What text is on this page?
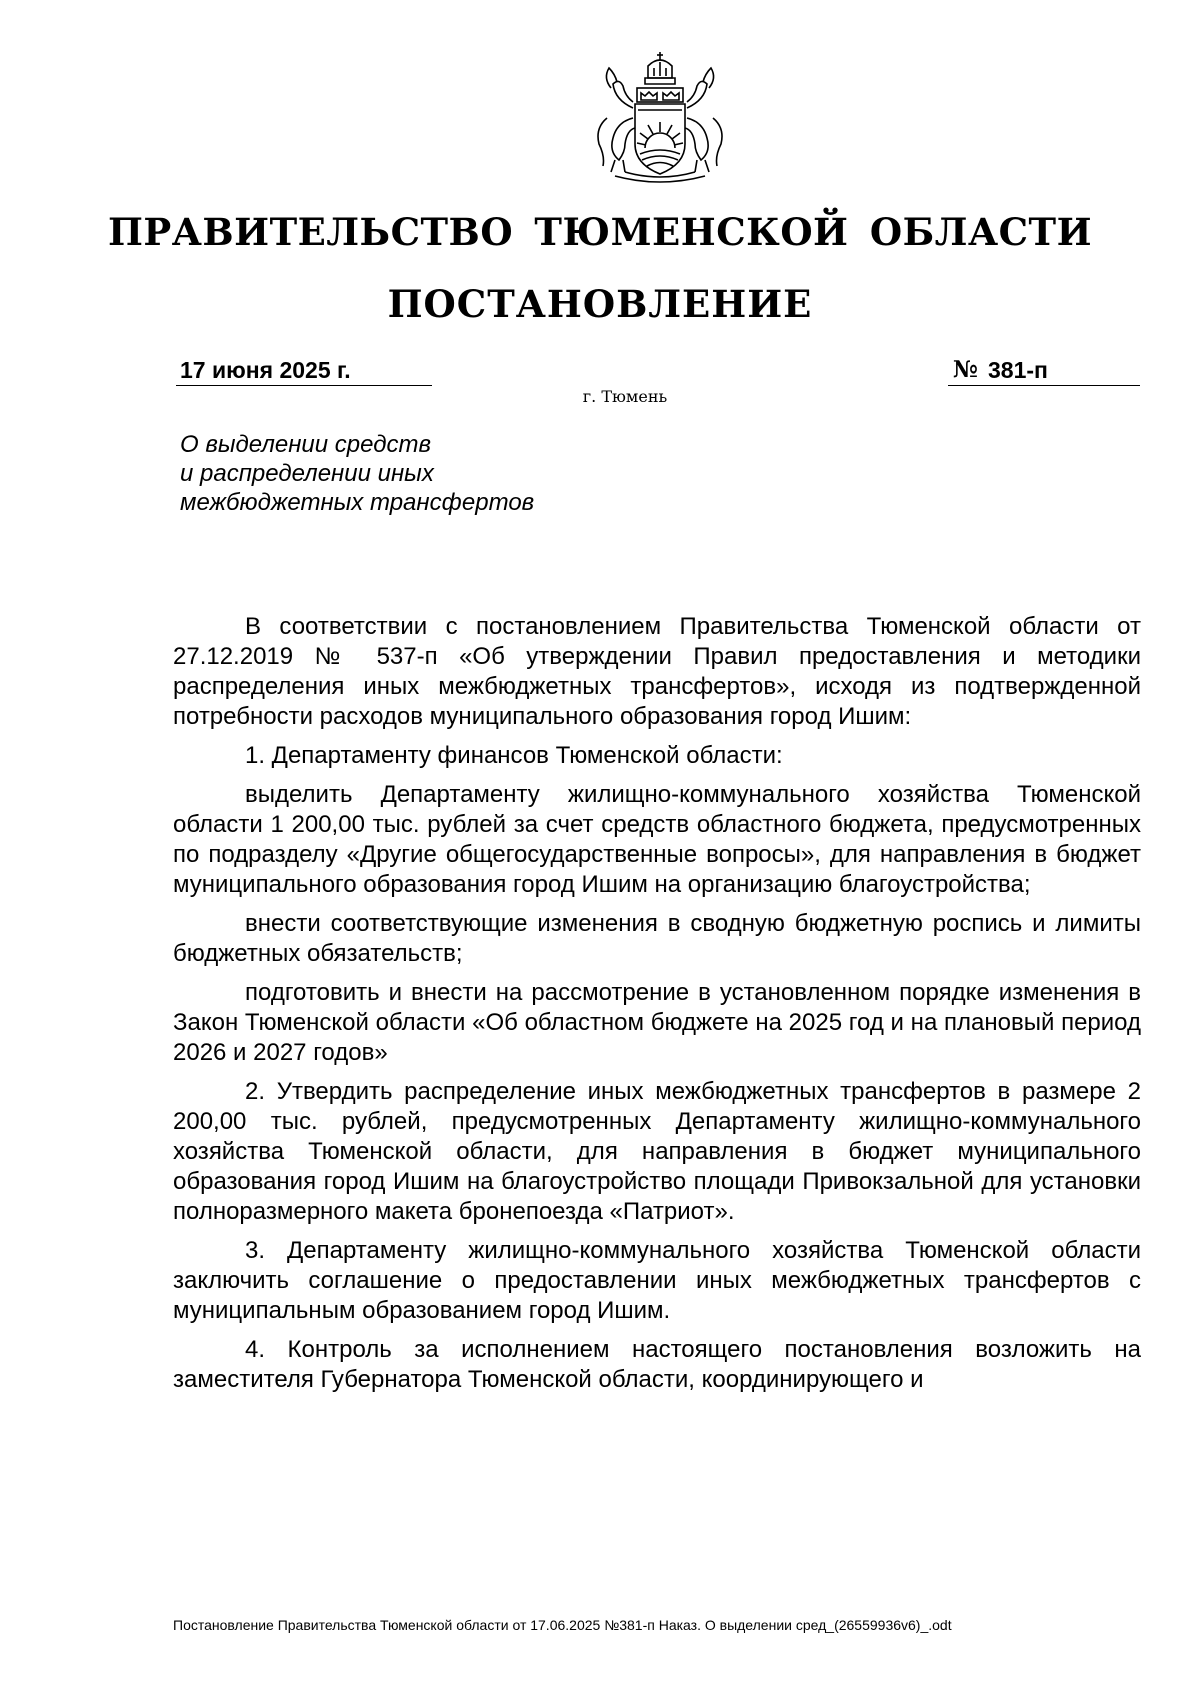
ПРАВИТЕЛЬСТВО ТЮМЕНСКОЙ ОБЛАСТИ
ПОСТАНОВЛЕНИЕ
17 июня 2025 г.	№ 381-п
г. Тюмень
О выделении средств
и распределении иных
межбюджетных трансфертов

В соответствии с постановлением Правительства Тюменской области от 27.12.2019 № 537-п «Об утверждении Правил предоставления и методики распределения иных межбюджетных трансфертов», исходя из подтвержденной потребности расходов муниципального образования город Ишим:

1. Департаменту финансов Тюменской области:

выделить Департаменту жилищно-коммунального хозяйства Тюменской области 1 200,00 тыс. рублей за счет средств областного бюджета, предусмотренных по подразделу «Другие общегосударственные вопросы», для направления в бюджет муниципального образования город Ишим на организацию благоустройства;

внести соответствующие изменения в сводную бюджетную роспись и лимиты бюджетных обязательств;

подготовить и внести на рассмотрение в установленном порядке изменения в Закон Тюменской области «Об областном бюджете на 2025 год и на плановый период 2026 и 2027 годов»

2. Утвердить распределение иных межбюджетных трансфертов в размере 2 200,00 тыс. рублей, предусмотренных Департаменту жилищно-коммунального хозяйства Тюменской области, для направления в бюджет муниципального образования город Ишим на благоустройство площади Привокзальной для установки полноразмерного макета бронепоезда «Патриот».

3. Департаменту жилищно-коммунального хозяйства Тюменской области заключить соглашение о предоставлении иных межбюджетных трансфертов с муниципальным образованием город Ишим.

4. Контроль за исполнением настоящего постановления возложить на заместителя Губернатора Тюменской области, координирующего и

Постановление Правительства Тюменской области от 17.06.2025 №381-п Наказ. О выделении сред_(26559936v6)_.odt
